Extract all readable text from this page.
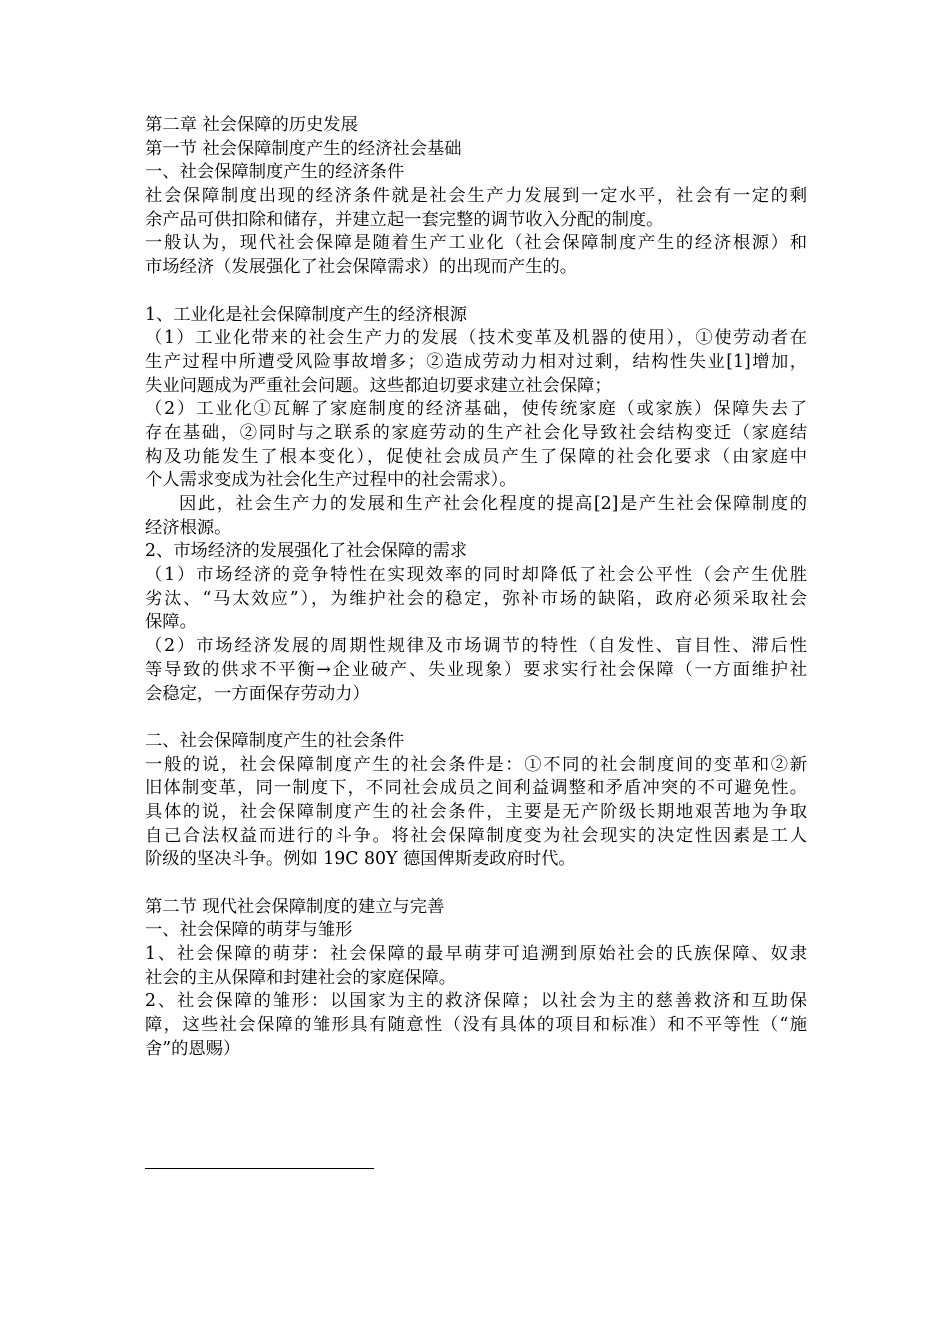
第二章 社会保障的历史发展
第一节 社会保障制度产生的经济社会基础
一、社会保障制度产生的经济条件
社会保障制度出现的经济条件就是社会生产力发展到一定水平，社会有一定的剩
余产品可供扣除和储存，并建立起一套完整的调节收入分配的制度。
一般认为，现代社会保障是随着生产工业化（社会保障制度产生的经济根源）和
市场经济（发展强化了社会保障需求）的出现而产生的。
1、工业化是社会保障制度产生的经济根源
（1）工业化带来的社会生产力的发展（技术变革及机器的使用），①使劳动者在
生产过程中所遭受风险事故增多；②造成劳动力相对过剩，结构性失业[1]增加，
失业问题成为严重社会问题。这些都迫切要求建立社会保障；
（2）工业化①瓦解了家庭制度的经济基础，使传统家庭（或家族）保障失去了
存在基础，②同时与之联系的家庭劳动的生产社会化导致社会结构变迁（家庭结
构及功能发生了根本变化），促使社会成员产生了保障的社会化要求（由家庭中
个人需求变成为社会化生产过程中的社会需求）。
因此，社会生产力的发展和生产社会化程度的提高[2]是产生社会保障制度的
经济根源。
2、市场经济的发展强化了社会保障的需求
（1）市场经济的竞争特性在实现效率的同时却降低了社会公平性（会产生优胜
劣汰、“马太效应”），为维护社会的稳定，弥补市场的缺陷，政府必须采取社会
保障。
（2）市场经济发展的周期性规律及市场调节的特性（自发性、盲目性、滞后性
等导致的供求不平衡→企业破产、失业现象）要求实行社会保障（一方面维护社
会稳定，一方面保存劳动力）
二、社会保障制度产生的社会条件
一般的说，社会保障制度产生的社会条件是：①不同的社会制度间的变革和②新
旧体制变革，同一制度下，不同社会成员之间利益调整和矛盾冲突的不可避免性。
具体的说，社会保障制度产生的社会条件，主要是无产阶级长期地艰苦地为争取
自己合法权益而进行的斗争。将社会保障制度变为社会现实的决定性因素是工人
阶级的坚决斗争。例如 19C 80Y 德国俾斯麦政府时代。
第二节 现代社会保障制度的建立与完善
一、社会保障的萌芽与雏形
1、社会保障的萌芽：社会保障的最早萌芽可追溯到原始社会的氏族保障、奴隶
社会的主从保障和封建社会的家庭保障。
2、社会保障的雏形：以国家为主的救济保障；以社会为主的慈善救济和互助保
障，这些社会保障的雏形具有随意性（没有具体的项目和标准）和不平等性（“施
舍”的恩赐）
